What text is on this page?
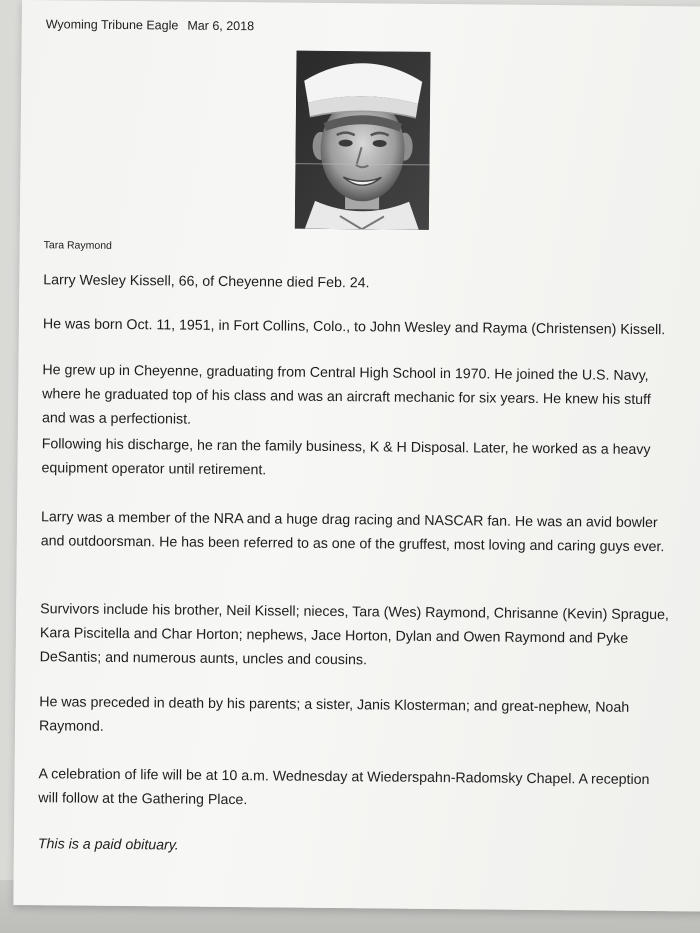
Wyoming Tribune Eagle Mar 6, 2018

Tara Raymond

Larry Wesley Kissell, 66, of Cheyenne died Feb. 24.
He was born Oct. 11, 1951, in Fort Collins, Colo., to John Wesley and Rayma (Christensen) Kissell.
He grew up in Cheyenne, graduating from Central High School in 1970. He joined the U.S. Navy,
where he graduated top of his class and was an aircraft mechanic for six years. He knew his stuff
and was a perfectionist.
Following his discharge, he ran the family business, K & H Disposal. Later, he worked as a heavy
equipment operator until retirement.
Larry was a member of the NRA and a huge drag racing and NASCAR fan. He was an avid bowler
and outdoorsman. He has been referred to as one of the gruffest, most loving and caring guys ever.
Survivors include his brother, Neil Kissell; nieces, Tara (Wes) Raymond, Chrisanne (Kevin) Sprague,
Kara Piscitella and Char Horton; nephews, Jace Horton, Dylan and Owen Raymond and Pyke
DeSantis; and numerous aunts, uncles and cousins.
He was preceded in death by his parents; a sister, Janis Klosterman; and great-nephew, Noah
Raymond.
A celebration of life will be at 10 a.m. Wednesday at Wiederspahn-Radomsky Chapel. A reception
will follow at the Gathering Place.
This is a paid obituary.
